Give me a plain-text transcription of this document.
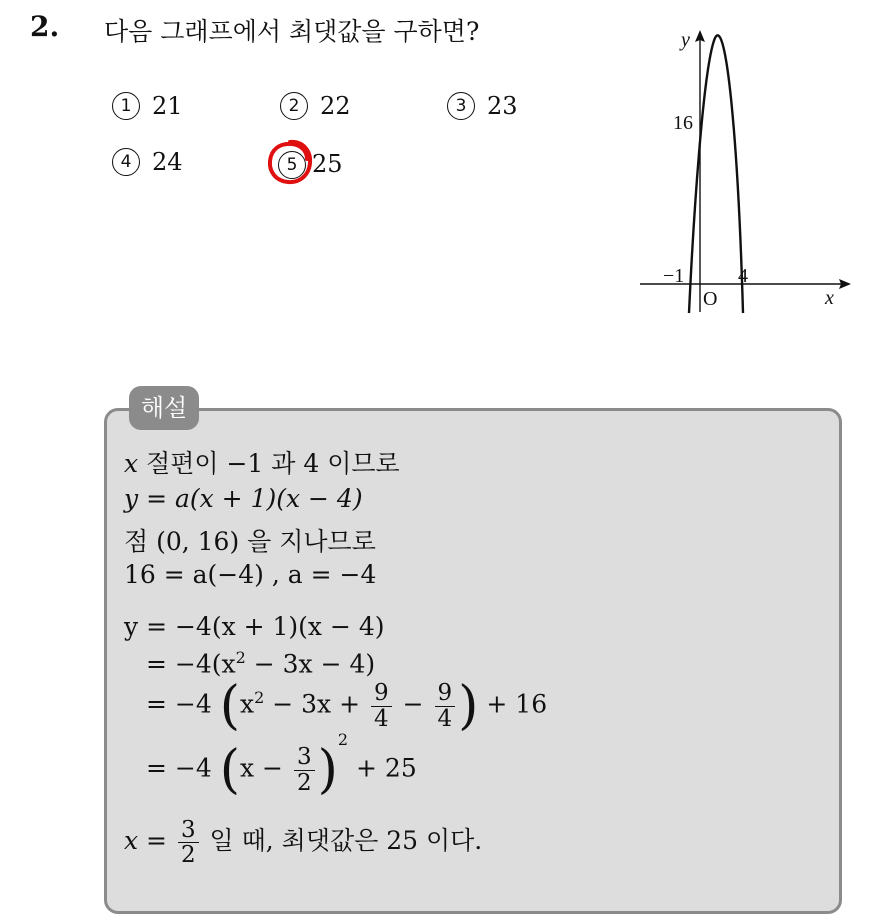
2. 다음 그래프에서 최댓값을 구하면?
1 21	2 22	3 23
4 24	5 25
y
x
O
16
−1	4
해설
x 절편이 −1 과 4 이므로
y = a(x + 1)(x − 4)
점 (0, 16) 을 지나므로
16 = a(−4) , a = −4
y = −4(x + 1)(x − 4)
= $-4(x^2 - 3x - 4)$
= −4 ($x^2 - 3x + \frac{9}{4} - \frac{9}{4}$ ) + 16
= −4 $(x - \frac{3}{2} )^2 + 25$
$x = \frac{3}{2}$ 일 때, 최댓값은 25 이다.
